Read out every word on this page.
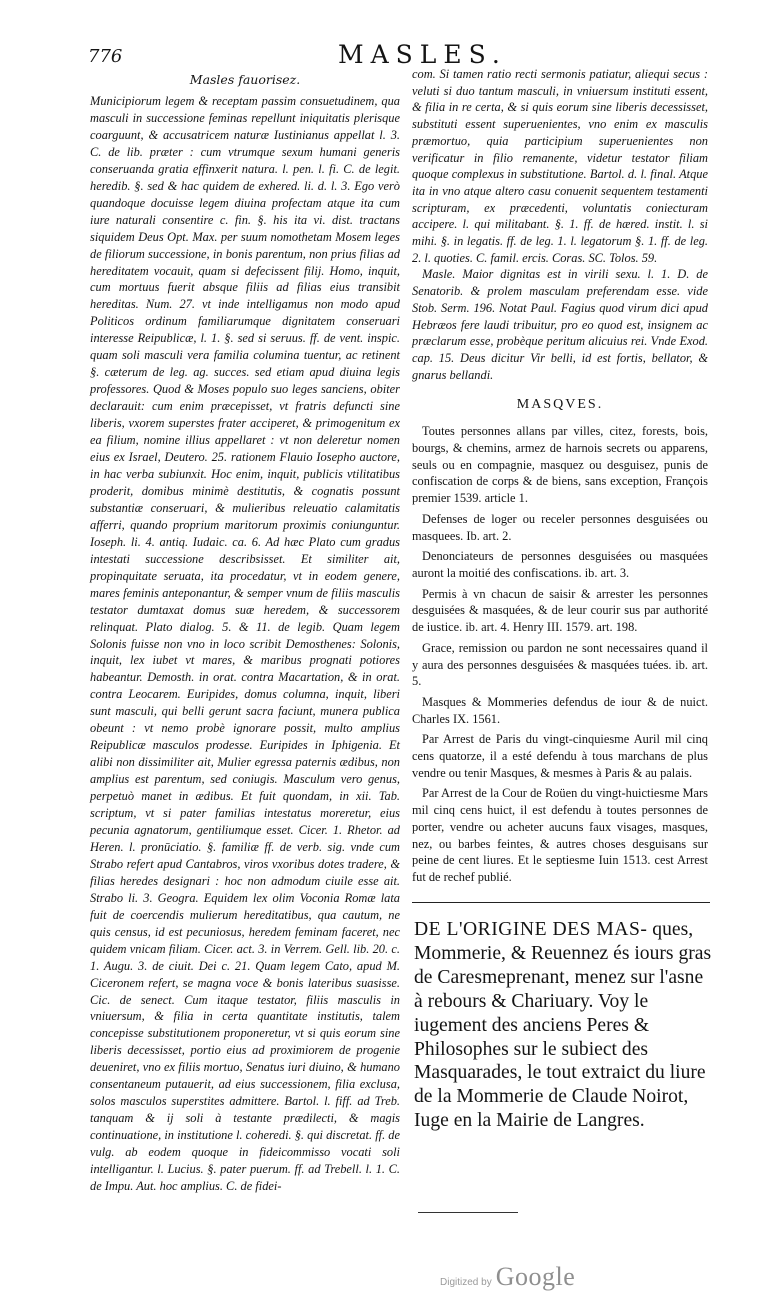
776	MASLES.
Masles fauorisez.

Municipiorum legem & receptam passim consuetudinem, qua masculi in successione feminas repellunt iniquitatis plerisque coarguunt, & accusatricem naturæ Iustinianus appellat l. 3. C. de lib. præter : cum vtrumque sexum humani generis conseruanda gratia effinxerit natura. l. pen. l. fi. C. de legit. heredib. §. sed & hac quidem de exhered. li. d. l. 3. Ego verò quandoque docuisse legem diuina profectam atque ita cum iure naturali consentire c. fin. §. his ita vi. dist. tractans siquidem Deus Opt. Max. per suum nomothetam Mosem leges de filiorum successione, in bonis parentum, non prius filias ad hereditatem vocauit, quam si defecissent filij. Homo, inquit, cum mortuus fuerit absque filiis ad filias eius transibit hereditas. Num. 27. vt inde intelligamus non modo apud Politicos ordinum familiarumque dignitatem conseruari interesse Reipublicæ, l. 1. §. sed si seruus. ff. de vent. inspic. quam soli masculi vera familia columina tuentur, ac retinent §. cæterum de leg. ag. succes. sed etiam apud diuina legis professores. Quod & Moses populo suo leges sanciens, obiter declarauit: cum enim præcepisset, vt fratris defuncti sine liberis, vxorem superstes frater acciperet, & primogenitum ex ea filium, nomine illius appellaret : vt non deleretur nomen eius ex Israel, Deutero. 25. rationem Flauio Iosepho auctore, in hac verba subiunxit. Hoc enim, inquit, publicis vtilitatibus proderit, domibus minimè destitutis, & cognatis possunt substantiæ conseruari, & mulieribus releuatio calamitatis afferri, quando proprium maritorum proximis coniunguntur. Ioseph. li. 4. antiq. Iudaic. ca. 6. Ad hæc Plato cum gradus intestati successione describsisset. Et similiter ait, propinquitate seruata, ita procedatur, vt in eodem genere, mares feminis anteponantur, & semper vnum de filiis masculis testator dumtaxat domus suæ heredem, & successorem relinquat. Plato dialog. 5. & 11. de legib. Quam legem Solonis fuisse non vno in loco scribit Demosthenes: Solonis, inquit, lex iubet vt mares, & maribus prognati potiores habeantur. Demosth. in orat. contra Macartation, & in orat. contra Leocarem. Euripides, domus columna, inquit, liberi sunt masculi, qui belli gerunt sacra faciunt, munera publica obeunt : vt nemo probè ignorare possit, multo amplius Reipublicæ masculos prodesse. Euripides in Iphigenia. Et alibi non dissimiliter ait, Mulier egressa paternis ædibus, non amplius est parentum, sed coniugis. Masculum vero genus, perpetuò manet in ædibus. Et fuit quondam, in xii. Tab. scriptum, vt si pater familias intestatus moreretur, eius pecunia agnatorum, gentiliumque esset. Cicer. 1. Rhetor. ad Heren. l. pronūciatio. §. familiæ ff. de verb. sig. vnde cum Strabo refert apud Cantabros, viros vxoribus dotes tradere, & filias heredes designari : hoc non admodum ciuile esse ait. Strabo li. 3. Geogra. Equidem lex olim Voconia Romæ lata fuit de coercendis mulierum hereditatibus, qua cautum, ne quis census, id est pecuniosus, heredem feminam faceret, nec quidem vnicam filiam. Cicer. act. 3. in Verrem. Gell. lib. 20. c. 1. Augu. 3. de ciuit. Dei c. 21. Quam legem Cato, apud M. Ciceronem refert, se magna voce & bonis lateribus suasisse. Cic. de senect. Cum itaque testator, filiis masculis in vniuersum, & filia in certa quantitate institutis, talem concepisse substitutionem proponeretur, vt si quis eorum sine liberis decessisset, portio eius ad proximiorem de progenie deueniret, vno ex filiis mortuo, Senatus iuri diuino, & humano consentaneum putauerit, ad eius successionem, filia exclusa, solos masculos superstites admittere. Bartol. l. fiff. ad Treb. tanquam & ij soli à testante prædilecti, & magis continuatione, in institutione l. coheredi. §. qui discretat. ff. de vulg. ab eodem quoque in fideicommisso vocati soli intelligantur. l. Lucius. §. pater puerum. ff. ad Trebell. l. 1. C. de Impu. Aut. hoc amplius. C. de fidei-

com. Si tamen ratio recti sermonis patiatur, aliequi secus : veluti si duo tantum masculi, in vniuersum instituti essent, & filia in re certa, & si quis eorum sine liberis decessisset, substituti essent superuenientes, vno enim ex masculis præmortuo, quia participium superuenientes non verificatur in filio remanente, videtur testator filiam quoque complexus in substitutione. Bartol. d. l. final. Atque ita in vno atque altero casu conuenit sequentem testamenti scripturam, ex præcedenti, voluntatis coniecturam accipere. l. qui militabant. §. 1. ff. de hæred. instit. l. si mihi. §. in legatis. ff. de leg. 1. l. legatorum §. 1. ff. de leg. 2. l. quoties. C. famil. ercis. Coras. SC. Tolos. 59.

Masle. Maior dignitas est in virili sexu. l. 1. D. de Senatorib. & prolem masculam preferendam esse. vide Stob. Serm. 196. Notat Paul. Fagius quod virum dici apud Hebræos fere laudi tribuitur, pro eo quod est, insignem ac præclarum esse, probèque peritum alicuius rei. Vnde Exod. cap. 15. Deus dicitur Vir belli, id est fortis, bellator, & gnarus bellandi.

MASQVES.

Toutes personnes allans par villes, citez, forests, bois, bourgs, & chemins, armez de harnois secrets ou apparens, seuls ou en compagnie, masquez ou desguisez, punis de confiscation de corps & de biens, sans exception, François premier 1539. article 1.

Defenses de loger ou receler personnes desguisées ou masquees. Ib. art. 2.

Denonciateurs de personnes desguisées ou masquées auront la moitié des confiscations. ib. art. 3.

Permis à vn chacun de saisir & arrester les personnes desguisées & masquées, & de leur courir sus par authorité de iustice. ib. art. 4. Henry III. 1579. art. 198.

Grace, remission ou pardon ne sont necessaires quand il y aura des personnes desguisées & masquées tuées. ib. art. 5.

Masques & Mommeries defendus de iour & de nuict. Charles IX. 1561.

Par Arrest de Paris du vingt-cinquiesme Auril mil cinq cens quatorze, il a esté defendu à tous marchans de plus vendre ou tenir Masques, & mesmes à Paris & au palais.

Par Arrest de la Cour de Roüen du vingt-huictiesme Mars mil cinq cens huict, il est defendu à toutes personnes de porter, vendre ou acheter aucuns faux visages, masques, nez, ou barbes feintes, & autres choses desguisans sur peine de cent liures. Et le septiesme Iuin 1513. cest Arrest fut de rechef publié.

DE L'ORIGINE DES MAS- ques, Mommerie, & Reuennez és iours gras de Caresmeprenant, menez sur l'asne à rebours & Chariuary. Voy le iugement des anciens Peres & Philosophes sur le subiect des Masquarades, le tout extraict du liure de la Mommerie de Claude Noirot, Iuge en la Mairie de Langres.

Digitized by Google
